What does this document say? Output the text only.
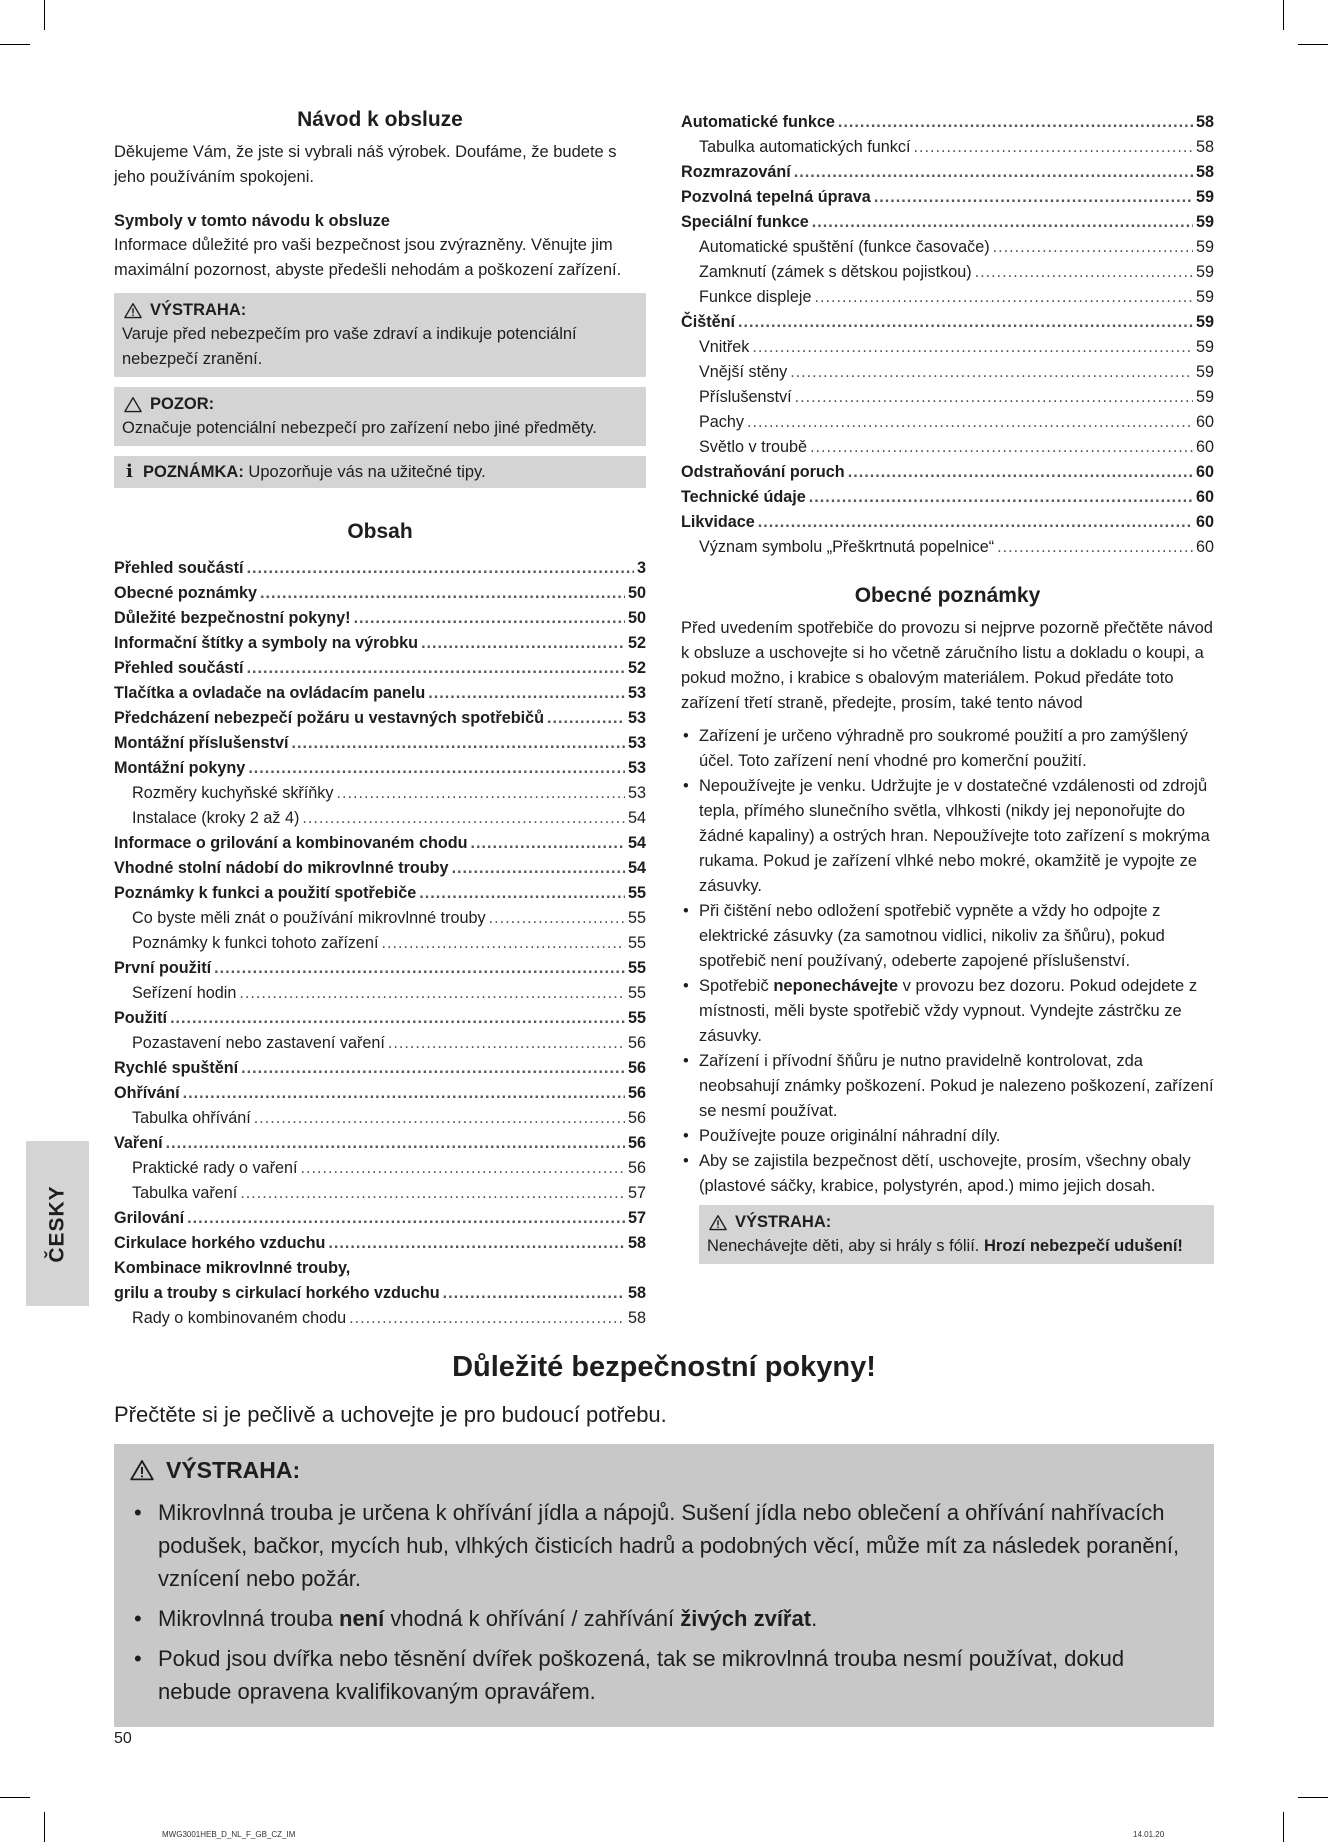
Návod k obsluze

Děkujeme Vám, že jste si vybrali náš výrobek. Doufáme, že budete s jeho používáním spokojeni.

Symboly v tomto návodu k obsluze

Informace důležité pro vaši bezpečnost jsou zvýrazněny. Věnujte jim maximální pozornost, abyste předešli nehodám a poškození zařízení.

VÝSTRAHA:
Varuje před nebezpečím pro vaše zdraví a indikuje potenciální nebezpečí zranění.
POZOR:
Označuje potenciální nebezpečí pro zařízení nebo jiné předměty.
i POZNÁMKA: Upozorňuje vás na užitečné tipy.
Obsah
Přehled součástí .....	3
Obecné poznámky .....	50
Důležité bezpečnostní pokyny! .....	50
Informační štítky a symboly na výrobku .....	52
Přehled součástí .....	52
Tlačítka a ovladače na ovládacím panelu .....	53
Předcházení nebezpečí požáru u vestavných spotřebičů .....	53
Montážní příslušenství .....	53
Montážní pokyny .....	53
Rozměry kuchyňské skříňky .....	53
Instalace (kroky 2 až 4) .....	54
Informace o grilování a kombinovaném chodu .....	54
Vhodné stolní nádobí do mikrovlnné trouby .....	54
Poznámky k funkci a použití spotřebiče .....	55
Co byste měli znát o používání mikrovlnné trouby .....	55
Poznámky k funkci tohoto zařízení .....	55
První použití .....	55
Seřízení hodin .....	55
Použití .....	55
Pozastavení nebo zastavení vaření .....	56
Rychlé spuštění .....	56
Ohřívání .....	56
Tabulka ohřívání .....	56
Vaření .....	56
Praktické rady o vaření .....	56
Tabulka vaření .....	57
Grilování .....	57
Cirkulace horkého vzduchu .....	58
Kombinace mikrovlnné trouby,
grilu a trouby s cirkulací horkého vzduchu .....	58
Rady o kombinovaném chodu .....	58
Automatické funkce .....	58
Tabulka automatických funkcí .....	58
Rozmrazování .....	58
Pozvolná tepelná úprava .....	59
Speciální funkce .....	59
Automatické spuštění (funkce časovače) .....	59
Zamknutí (zámek s dětskou pojistkou) .....	59
Funkce displeje .....	59
Čištění .....	59
Vnitřek .....	59
Vnější stěny .....	59
Příslušenství .....	59
Pachy .....	60
Světlo v troubě .....	60
Odstraňování poruch .....	60
Technické údaje .....	60
Likvidace .....	60
Význam symbolu „Přeškrtnutá popelnice“ .....	60
Obecné poznámky

Před uvedením spotřebiče do provozu si nejprve pozorně přečtěte návod k obsluze a uschovejte si ho včetně záručního listu a dokladu o koupi, a pokud možno, i krabice s obalovým materiálem. Pokud předáte toto zařízení třetí straně, předejte, prosím, také tento návod

• Zařízení je určeno výhradně pro soukromé použití a pro zamýšlený účel. Toto zařízení není vhodné pro komerční použití.
• Nepoužívejte je venku. Udržujte je v dostatečné vzdálenosti od zdrojů tepla, přímého slunečního světla, vlhkosti (nikdy jej neponořujte do žádné kapaliny) a ostrých hran. Nepoužívejte toto zařízení s mokrýma rukama. Pokud je zařízení vlhké nebo mokré, okamžitě je vypojte ze zásuvky.
• Při čištění nebo odložení spotřebič vypněte a vždy ho odpojte z elektrické zásuvky (za samotnou vidlici, nikoliv za šňůru), pokud spotřebič není používaný, odeberte zapojené příslušenství.
• Spotřebič neponechávejte v provozu bez dozoru. Pokud odejdete z místnosti, měli byste spotřebič vždy vypnout. Vyndejte zástrčku ze zásuvky.
• Zařízení i přívodní šňůru je nutno pravidelně kontrolovat, zda neobsahují známky poškození. Pokud je nalezeno poškození, zařízení se nesmí používat.
• Používejte pouze originální náhradní díly.
• Aby se zajistila bezpečnost dětí, uschovejte, prosím, všechny obaly (plastové sáčky, krabice, polystyrén, apod.) mimo jejich dosah.
VÝSTRAHA:
Nenechávejte děti, aby si hrály s fólií. Hrozí nebezpečí udušení!
ČESKY
Důležité bezpečnostní pokyny!

Přečtěte si je pečlivě a uchovejte je pro budoucí potřebu.

VÝSTRAHA:
• Mikrovlnná trouba je určena k ohřívání jídla a nápojů. Sušení jídla nebo oblečení a ohřívání nahřívacích podušek, bačkor, mycích hub, vlhkých čisticích hadrů a podobných věcí, může mít za následek poranění, vznícení nebo požár.
• Mikrovlnná trouba není vhodná k ohřívání / zahřívání živých zvířat.
• Pokud jsou dvířka nebo těsnění dvířek poškozená, tak se mikrovlnná trouba nesmí používat, dokud nebude opravena kvalifikovaným opravářem.
50
MWG3001HEB_D_NL_F_GB_CZ_IM	14.01.20
